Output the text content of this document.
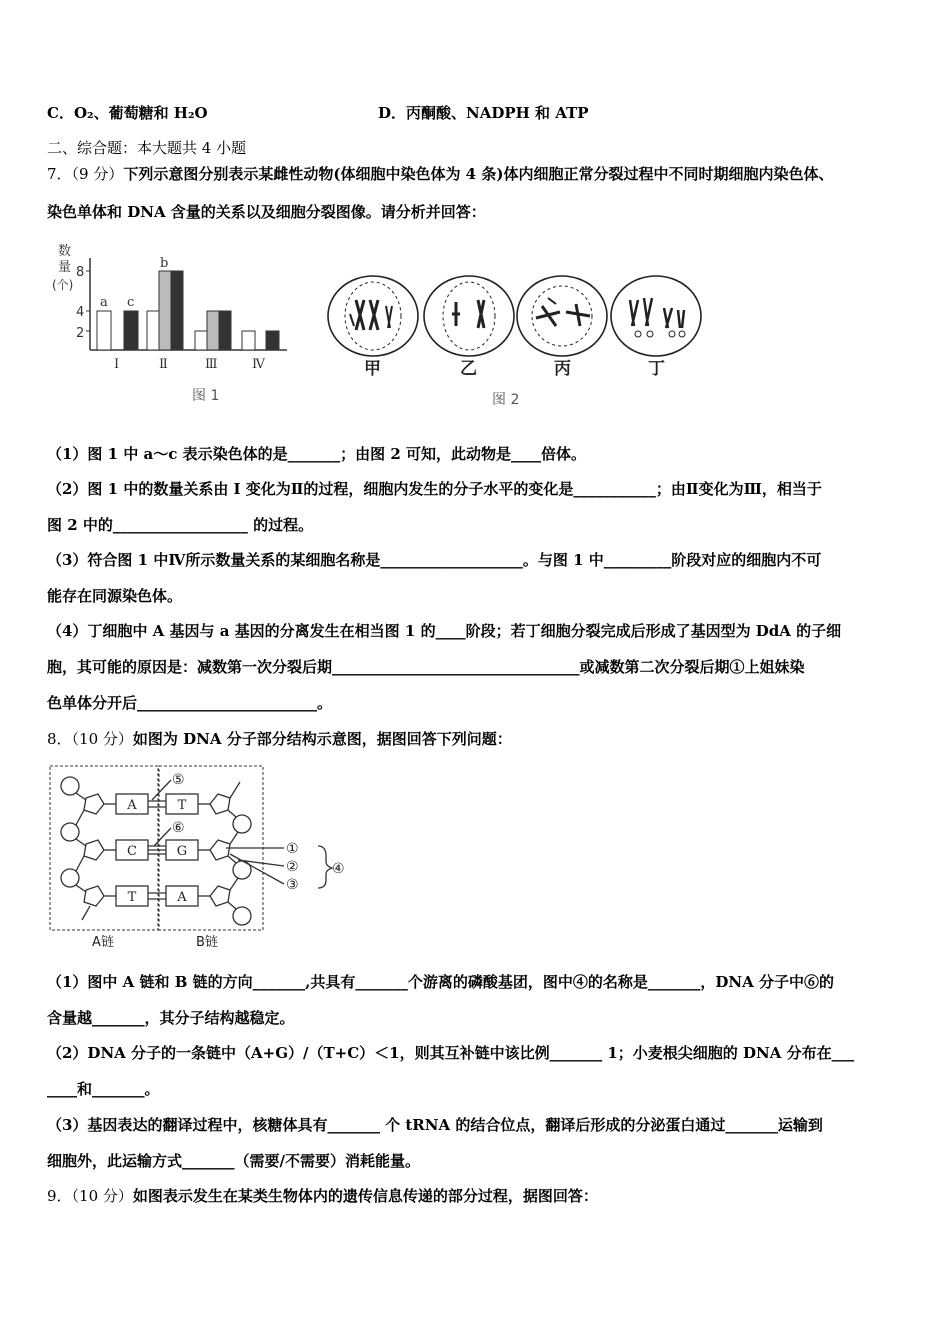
C．O₂、葡萄糖和 H₂O	D．丙酮酸、NADPH 和 ATP
二、综合题：本大题共 4 小题
7．（9 分）下列示意图分别表示某雌性动物(体细胞中染色体为 4 条)体内细胞正常分裂过程中不同时期细胞内染色体、
染色单体和 DNA 含量的关系以及细胞分裂图像。请分析并回答：
数
量
(个)
8
4
2
a c
b
Ⅰ	Ⅱ	Ⅲ	Ⅳ
图 1
甲	乙	丙	丁
图 2
（1）图 1 中 a～c 表示染色体的是_______；由图 2 可知，此动物是____倍体。
（2）图 1 中的数量关系由 I 变化为Ⅱ的过程，细胞内发生的分子水平的变化是___________；由Ⅱ变化为Ⅲ，相当于
图 2 中的__________________ 的过程。
（3）符合图 1 中Ⅳ所示数量关系的某细胞名称是___________________。与图 1 中_________阶段对应的细胞内不可
能存在同源染色体。
（4）丁细胞中 A 基因与 a 基因的分离发生在相当图 1 的____阶段；若丁细胞分裂完成后形成了基因型为 DdA 的子细
胞，其可能的原因是：减数第一次分裂后期_________________________________或减数第二次分裂后期①上姐妹染
色单体分开后________________________。
8．（10 分）如图为 DNA 分子部分结构示意图，据图回答下列问题：
A
C
T
T
G
A
⑤
⑥
①
②
③
④
A链	B链
（1）图中 A 链和 B 链的方向_______,共具有_______个游离的磷酸基团，图中④的名称是_______，DNA 分子中⑥的
含量越_______，其分子结构越稳定。
（2）DNA 分子的一条链中（A+G）/（T+C）＜1，则其互补链中该比例_______ 1；小麦根尖细胞的 DNA 分布在___
____和_______。
（3）基因表达的翻译过程中，核糖体具有_______ 个 tRNA 的结合位点，翻译后形成的分泌蛋白通过_______运输到
细胞外，此运输方式_______（需要/不需要）消耗能量。
9．（10 分）如图表示发生在某类生物体内的遗传信息传递的部分过程，据图回答：
